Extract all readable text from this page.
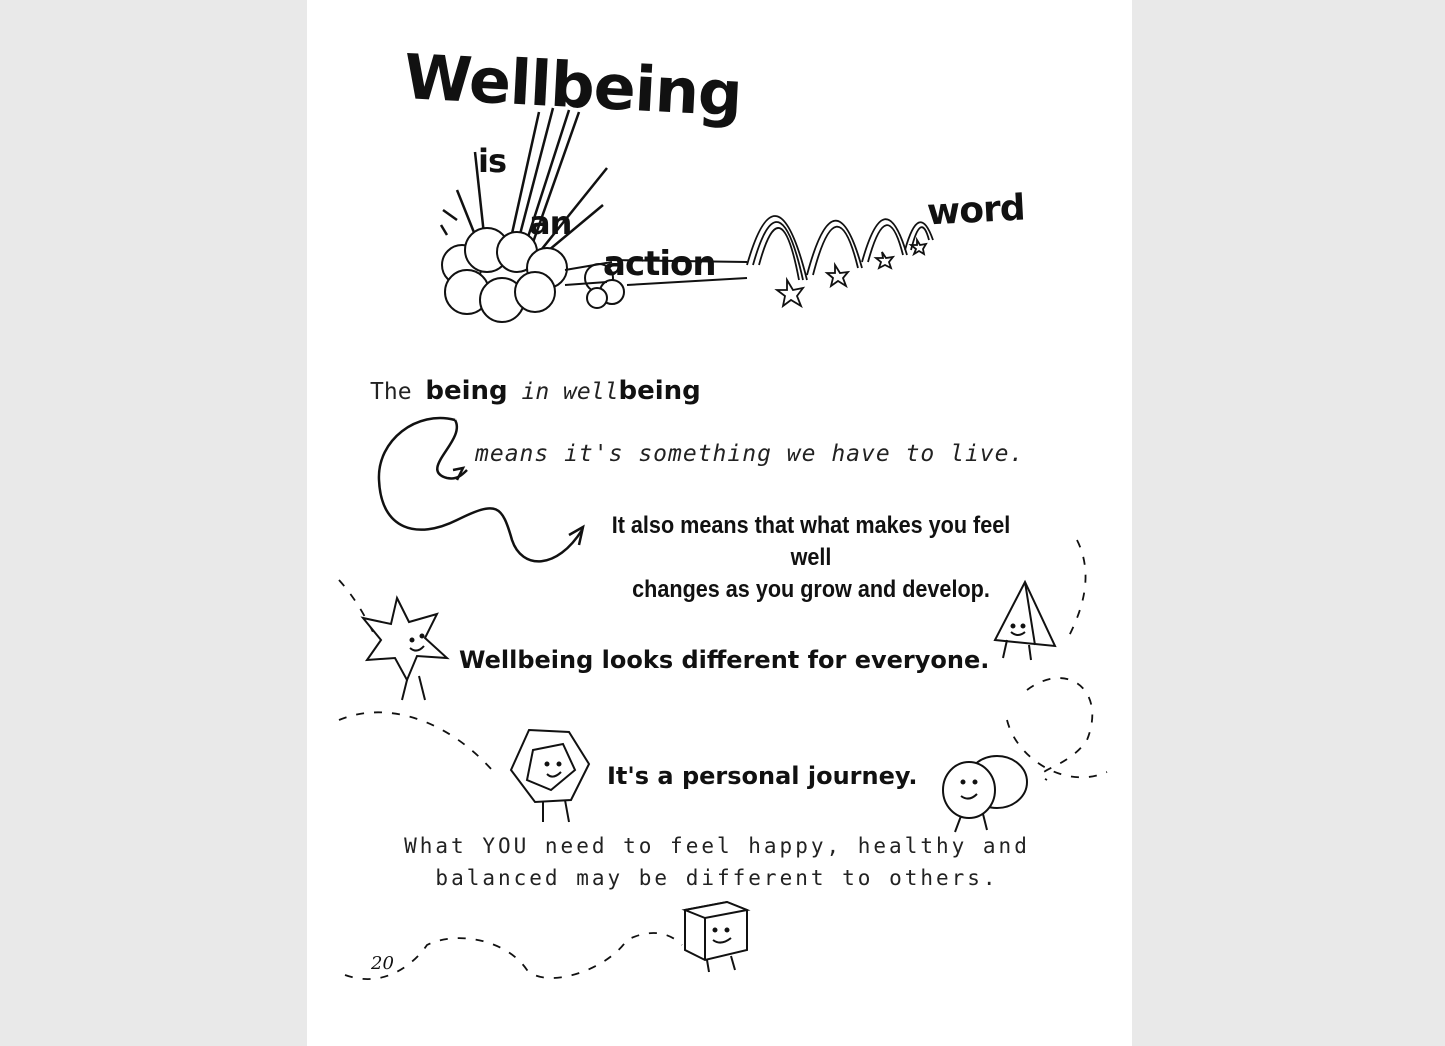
Wellbeing
is
an
action
word
The being in wellbeing
means it's something we have to live.
It also means that what makes you feel well
changes as you grow and develop.
Wellbeing looks different for everyone.
It's a personal journey.
What YOU need to feel happy, healthy and
balanced may be different to others.
20
